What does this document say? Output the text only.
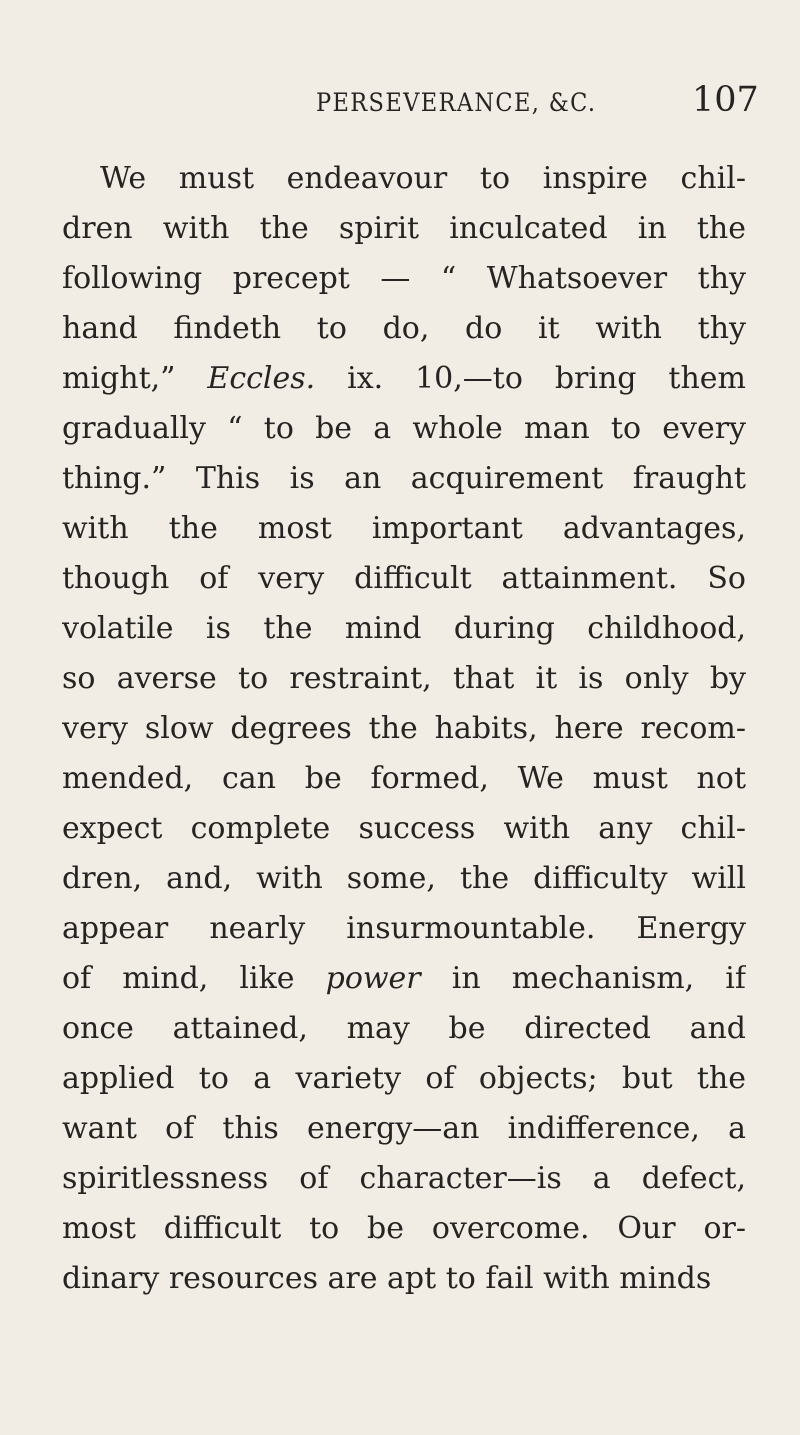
PERSEVERANCE, &C.	107
We must endeavour to inspire chil-
dren with the spirit inculcated in the
following precept — “ Whatsoever thy
hand findeth to do, do it with thy
might,” Eccles. ix. 10,—to bring them
gradually “ to be a whole man to every
thing.” This is an acquirement fraught
with the most important advantages,
though of very difficult attainment. So
volatile is the mind during childhood,
so averse to restraint, that it is only by
very slow degrees the habits, here recom-
mended, can be formed, We must not
expect complete success with any chil-
dren, and, with some, the difficulty will
appear nearly insurmountable. Energy
of mind, like power in mechanism, if
once attained, may be directed and
applied to a variety of objects; but the
want of this energy—an indifference, a
spiritlessness of character—is a defect,
most difficult to be overcome. Our or-
dinary resources are apt to fail with minds
